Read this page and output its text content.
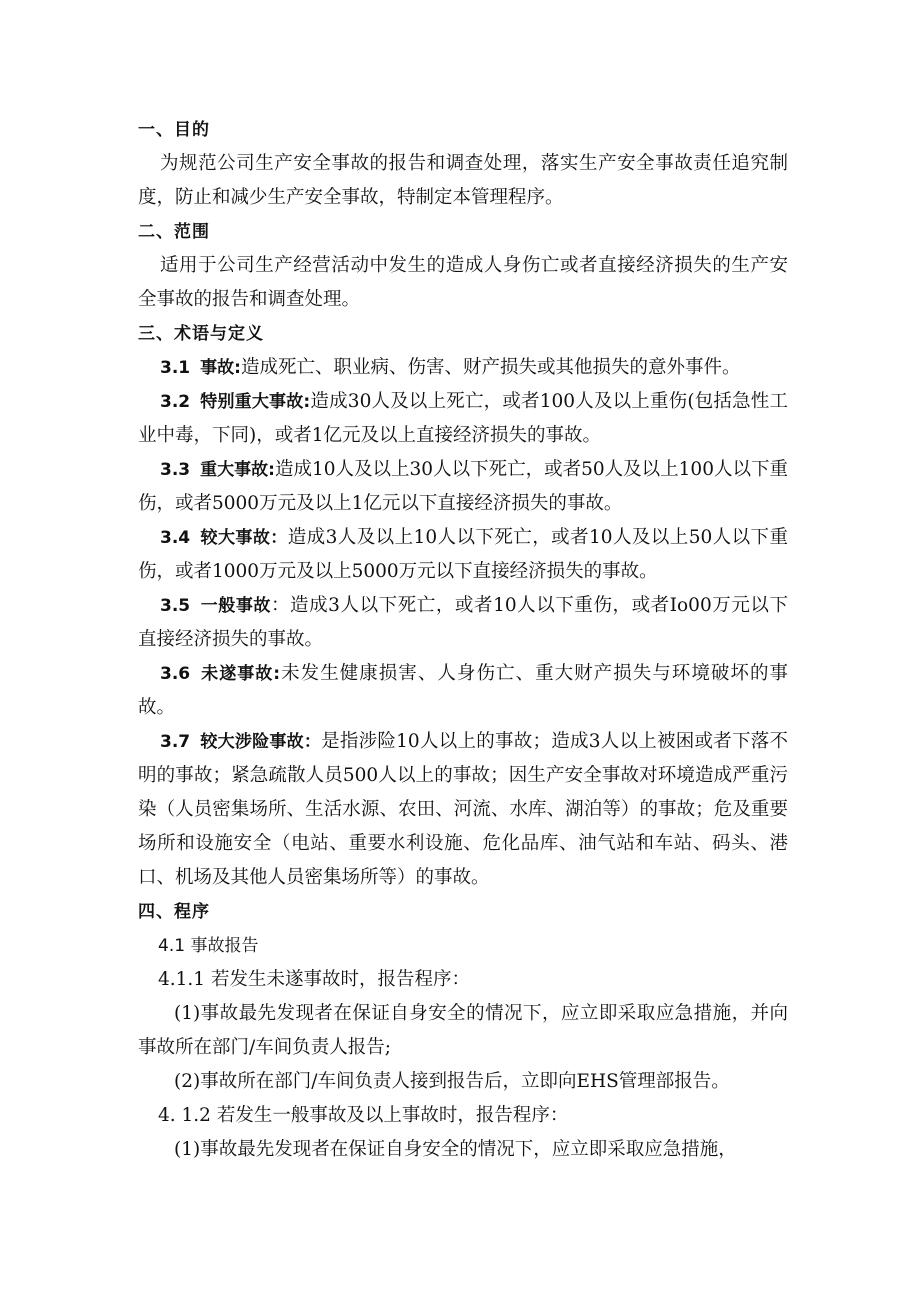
一、目的

为规范公司生产安全事故的报告和调查处理，落实生产安全事故责任追究制度，防止和减少生产安全事故，特制定本管理程序。

二、范围

适用于公司生产经营活动中发生的造成人身伤亡或者直接经济损失的生产安全事故的报告和调查处理。

三、术语与定义

3.1 事故:造成死亡、职业病、伤害、财产损失或其他损失的意外事件。

3.2 特别重大事故:造成30人及以上死亡，或者100人及以上重伤(包括急性工业中毒，下同)，或者1亿元及以上直接经济损失的事故。

3.3 重大事故:造成10人及以上30人以下死亡，或者50人及以上100人以下重伤，或者5000万元及以上1亿元以下直接经济损失的事故。

3.4 较大事故：造成3人及以上10人以下死亡，或者10人及以上50人以下重伤，或者1000万元及以上5000万元以下直接经济损失的事故。

3.5 一般事故：造成3人以下死亡，或者10人以下重伤，或者Io00万元以下直接经济损失的事故。

3.6 未遂事故:未发生健康损害、人身伤亡、重大财产损失与环境破坏的事故。

3.7 较大涉险事故：是指涉险10人以上的事故；造成3人以上被困或者下落不明的事故；紧急疏散人员500人以上的事故；因生产安全事故对环境造成严重污染（人员密集场所、生活水源、农田、河流、水库、湖泊等）的事故；危及重要场所和设施安全（电站、重要水利设施、危化品库、油气站和车站、码头、港口、机场及其他人员密集场所等）的事故。

四、程序

4.1 事故报告

4.1.1 若发生未遂事故时，报告程序：

(1)事故最先发现者在保证自身安全的情况下，应立即采取应急措施，并向事故所在部门/车间负责人报告;

(2)事故所在部门/车间负责人接到报告后，立即向EHS管理部报告。

4. 1.2 若发生一般事故及以上事故时，报告程序：

(1)事故最先发现者在保证自身安全的情况下，应立即采取应急措施，
